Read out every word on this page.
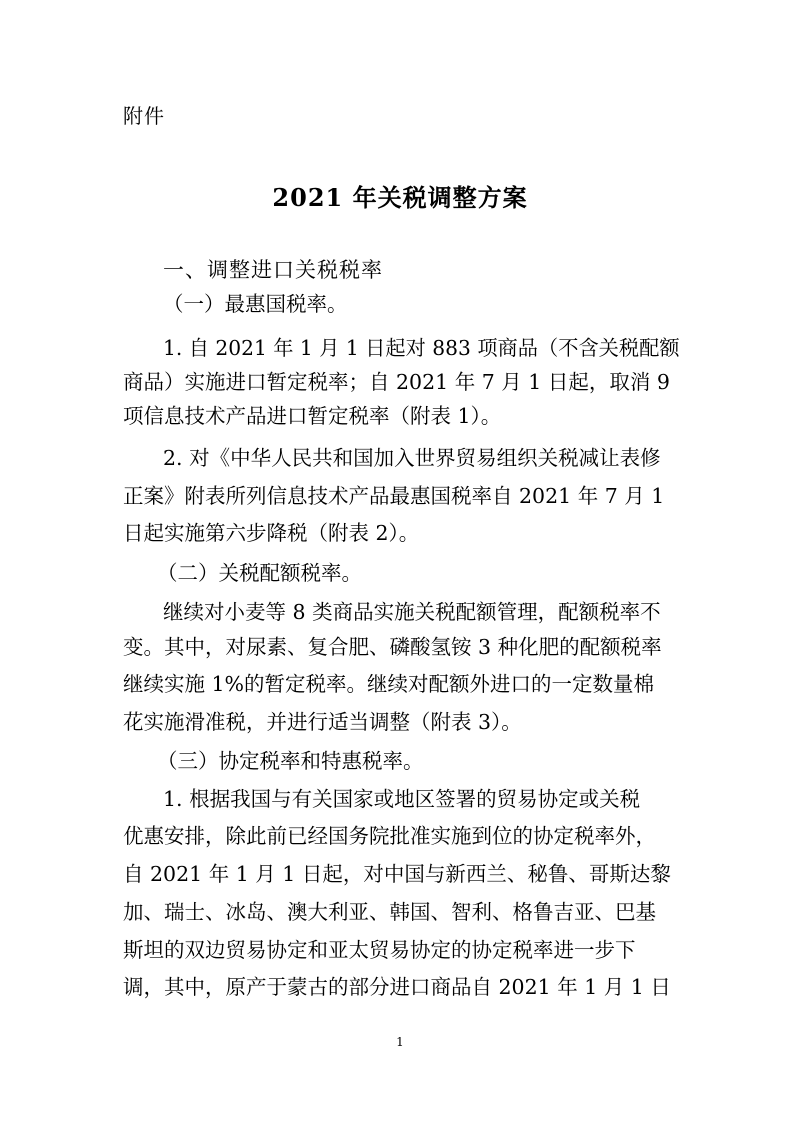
附件
2021 年关税调整方案
一、调整进口关税税率
（一）最惠国税率。
1. 自 2021 年 1 月 1 日起对 883 项商品（不含关税配额
商品）实施进口暂定税率；自 2021 年 7 月 1 日起，取消 9
项信息技术产品进口暂定税率（附表 1）。
2. 对《中华人民共和国加入世界贸易组织关税减让表修
正案》附表所列信息技术产品最惠国税率自 2021 年 7 月 1
日起实施第六步降税（附表 2）。
（二）关税配额税率。
继续对小麦等 8 类商品实施关税配额管理，配额税率不
变。其中，对尿素、复合肥、磷酸氢铵 3 种化肥的配额税率
继续实施 1%的暂定税率。继续对配额外进口的一定数量棉
花实施滑准税，并进行适当调整（附表 3）。
（三）协定税率和特惠税率。
1. 根据我国与有关国家或地区签署的贸易协定或关税
优惠安排，除此前已经国务院批准实施到位的协定税率外，
自 2021 年 1 月 1 日起，对中国与新西兰、秘鲁、哥斯达黎
加、瑞士、冰岛、澳大利亚、韩国、智利、格鲁吉亚、巴基
斯坦的双边贸易协定和亚太贸易协定的协定税率进一步下
调，其中，原产于蒙古的部分进口商品自 2021 年 1 月 1 日
1
